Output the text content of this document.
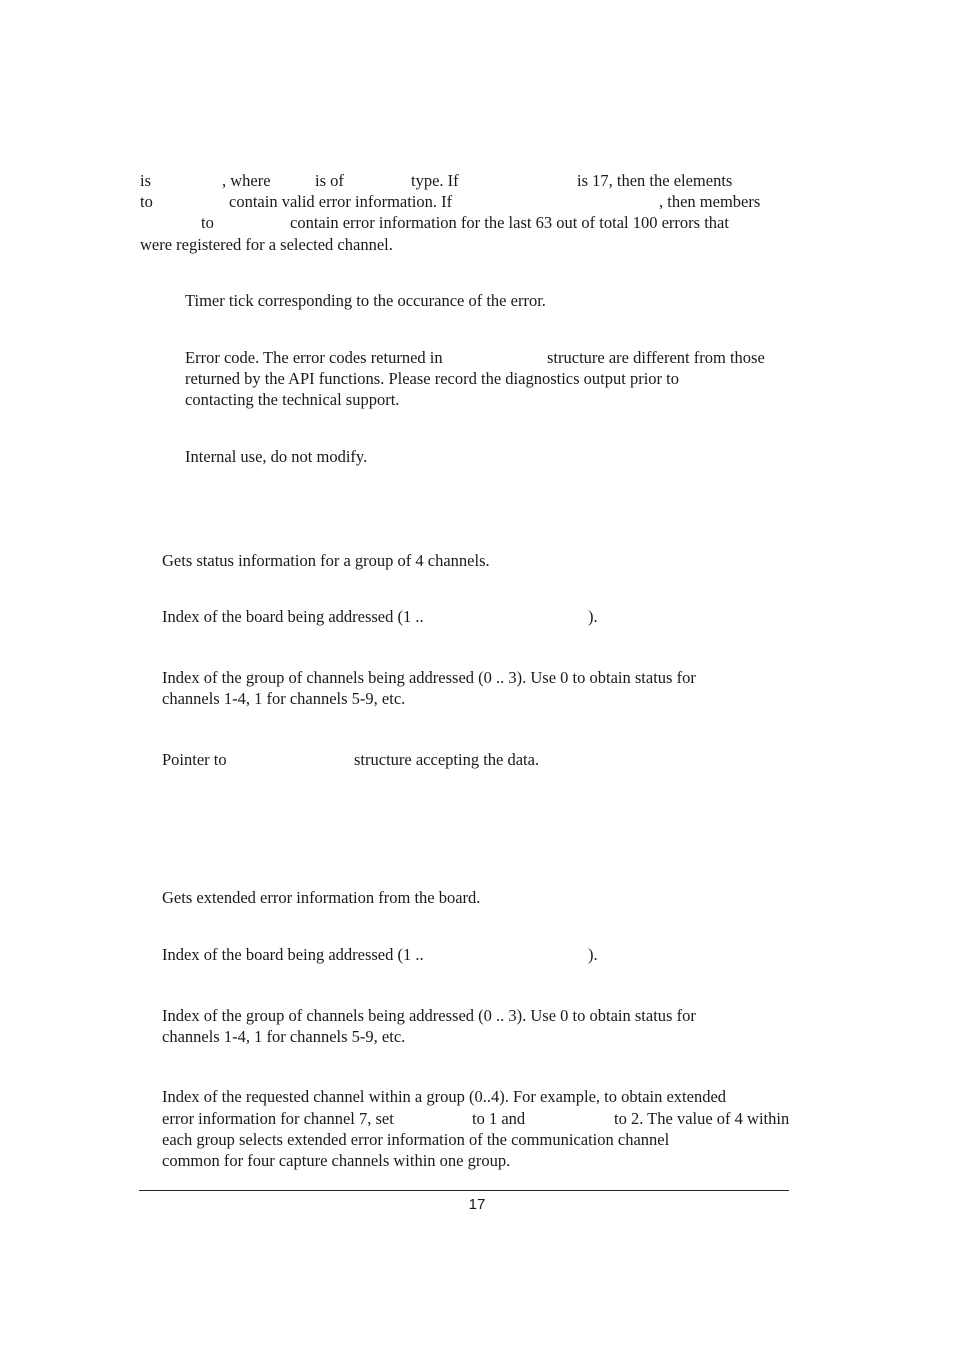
is	, where	is of	type. If	is 17, then the elements
to	contain valid error information. If	, then members
to	contain error information for the last 63 out of total 100 errors that
were registered for a selected channel.
Timer tick corresponding to the occurance of the error.
Error code. The error codes returned in	structure are different from those
returned by the API functions. Please record the diagnostics output prior to
contacting the technical support.
Internal use, do not modify.
Gets status information for a group of 4 channels.
Index of the board being addressed (1 ..	).
Index of the group of channels being addressed (0 .. 3). Use 0 to obtain status for
channels 1-4, 1 for channels 5-9, etc.
Pointer to	structure accepting the data.
Gets extended error information from the board.
Index of the board being addressed (1 ..	).
Index of the group of channels being addressed (0 .. 3). Use 0 to obtain status for
channels 1-4, 1 for channels 5-9, etc.
Index of the requested channel within a group (0..4). For example, to obtain extended
error information for channel 7, set	to 1 and	to 2. The value of 4 within
each group selects extended error information of the communication channel
common for four capture channels within one group.
17
